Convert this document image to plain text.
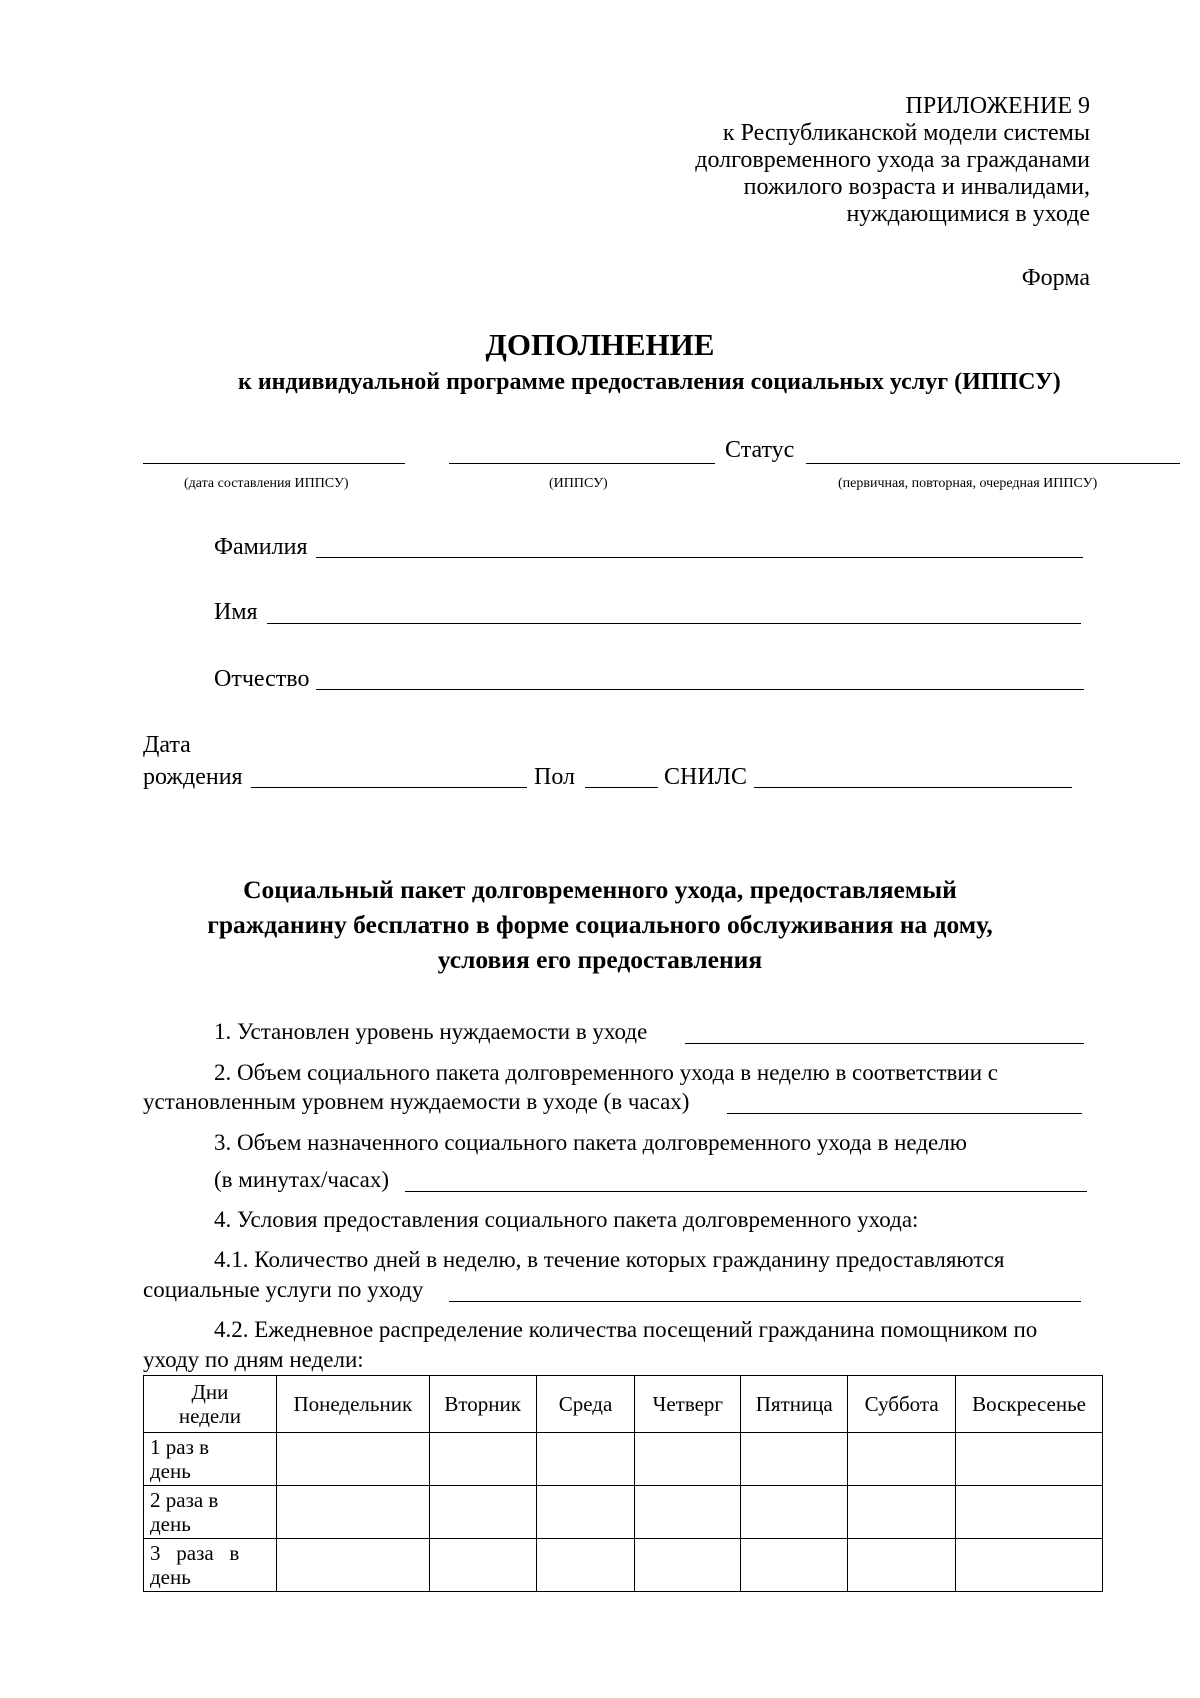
ПРИЛОЖЕНИЕ 9
к Республиканской модели системы
долговременного ухода за гражданами
пожилого возраста и инвалидами,
нуждающимися в уходе
Форма
ДОПОЛНЕНИЕ
к индивидуальной программе предоставления социальных услуг (ИППСУ)
Статус
(дата составления ИППСУ)	(ИППСУ)	(первичная, повторная, очередная ИППСУ)
Фамилия
Имя
Отчество
Дата
рождения	Пол	СНИЛС
Социальный пакет долговременного ухода, предоставляемый
гражданину бесплатно в форме социального обслуживания на дому,
условия его предоставления
1. Установлен уровень нуждаемости в уходе
2. Объем социального пакета долговременного ухода в неделю в соответствии с
установленным уровнем нуждаемости в уходе (в часах)
3. Объем назначенного социального пакета долговременного ухода в неделю
(в минутах/часах)
4. Условия предоставления социального пакета долговременного ухода:
4.1. Количество дней в неделю, в течение которых гражданину предоставляются
социальные услуги по уходу
4.2. Ежедневное распределение количества посещений гражданина помощником по
уходу по дням недели:
Дни
недели	Понедельник	Вторник	Среда	Четверг	Пятница	Суббота	Воскресенье

1 раз в
день							

2 раза в
день							

3   раза   в
день							
